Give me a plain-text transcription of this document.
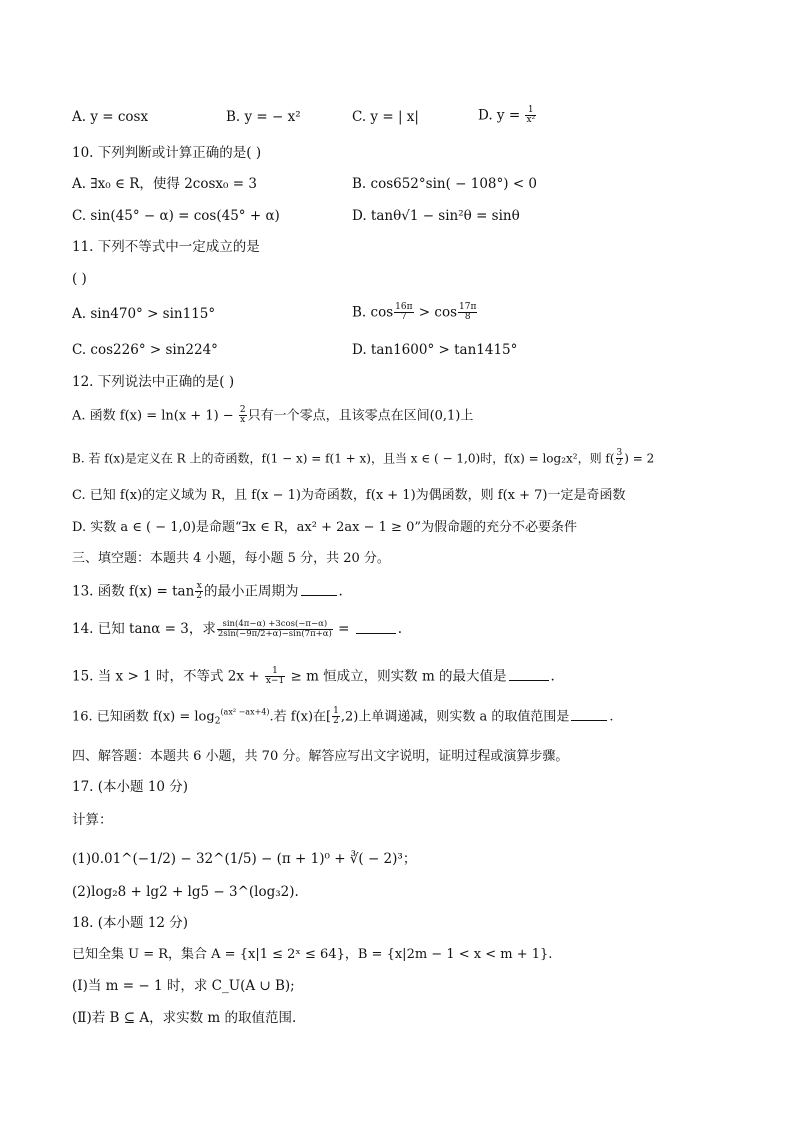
A. y = cosx	B. y = − x²	C. y = | x|	D. $y = \frac{1}{\text{x²}}$
10. 下列判断或计算正确的是( )
A. ∃x₀ ∈ R，使得 2cosx₀ = 3	B. cos652°sin( − 108°) < 0
C. sin(45° − α) = cos(45° + α)	D. tanθ√1 − sin²θ = sinθ
11. 下列不等式中一定成立的是
( )
A. sin470° > sin115°	B. $\cos \frac{16\pi}{7} > \cos \frac{17\pi}{8}$
C. cos226° > sin224°	D. tan1600° > tan1415°
12. 下列说法中正确的是( )
A. 函数 $f(x) = \ln(x + 1) - \frac{2}{x}$ 只有一个零点，且该零点在区间(0,1)上
B. 若 f(x)是定义在 R 上的奇函数，f(1 − x) = f(1 + x)，且当 x ∈ ( − 1,0)时，f(x) = log₂x²，则 $f( \frac{3}{2}$ ) = 2
C. 已知 f(x)的定义域为 R，且 f(x − 1)为奇函数，f(x + 1)为偶函数，则 f(x + 7)一定是奇函数
D. 实数 a ∈ ( − 1,0)是命题“∃x ∈ R，ax² + 2ax − 1 ≥ 0”为假命题的充分不必要条件
三、填空题：本题共 4 小题，每小题 5 分，共 20 分。
13. 函数 $f(x) = \tan \frac{x}{2}$ 的最小正周期为	.
14. 已知 tanα = 3，求 $\frac{\sin(4\pi-\alpha) +3\cos(-\pi-\alpha)}{2\sin(-9\pi/2+\alpha)-\sin(7\pi+\alpha)}$ =	.
15. 当 x > 1 时，不等式 $2x + \frac{1}{x-1} \ge m$ 恒成立，则实数 m 的最大值是	.
16. 已知函数 $f(x) = \log_2^{(ax^2 -ax+4)}$.若 f(x)在[ $\frac{1}{2} ,2$)上单调递减，则实数 a 的取值范围是	.
四、解答题：本题共 6 小题，共 70 分。解答应写出文字说明，证明过程或演算步骤。
17. (本小题 10 分)
计算：
(1)0.01^(−1/2) − 32^(1/5) − (π + 1)⁰ + ∛( − 2)³；
(2)log₂8 + lg2 + lg5 − 3^(log₃2).
18. (本小题 12 分)
已知全集 U = R，集合 A = {x|1 ≤ 2ˣ ≤ 64}，B = {x|2m − 1 < x < m + 1}.
(Ⅰ)当 m = − 1 时，求 C_U(A ∪ B);
(Ⅱ)若 B ⊆ A，求实数 m 的取值范围.
